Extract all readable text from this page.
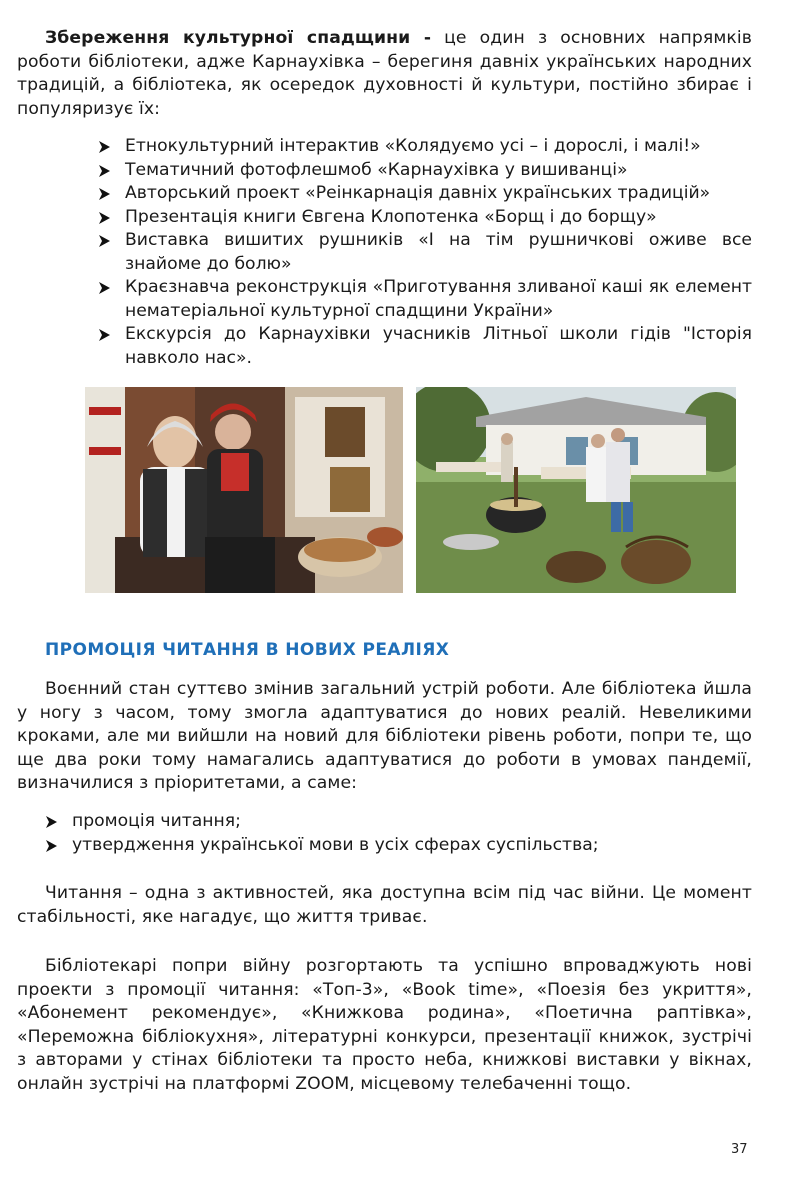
Збереження культурної спадщини - це один з основних напрямків роботи бібліотеки, адже Карнаухівка – берегиня давніх українських народних традицій, а бібліотека, як осередок духовності й культури, постійно збирає і популяризує їх:

Етнокультурний інтерактив «Колядуємо усі – і дорослі, і малі!»
Тематичний фотофлешмоб «Карнаухівка у вишиванці»
Авторський проект «Реінкарнація давніх українських традицій»
Презентація книги Євгена Клопотенка «Борщ і до борщу»
Виставка вишитих рушників «І на тім рушничкові оживе все знайоме до болю»
Краєзнавча реконструкція «Приготування зливаної каші як елемент нематеріальної культурної спадщини України»
Екскурсія до Карнаухівки учасників Літньої школи гідів "Історія навколо нас».
ПРОМОЦІЯ ЧИТАННЯ В НОВИХ РЕАЛІЯХ

Воєнний стан суттєво змінив загальний устрій роботи. Але бібліотека йшла у ногу з часом, тому змогла адаптуватися до нових реалій. Невеликими кроками, але ми вийшли на новий для бібліотеки рівень роботи, попри те, що ще два роки тому намагались адаптуватися до роботи в умовах пандемії, визначилися з пріоритетами, а саме:

промоція читання;
утвердження української мови в усіх сферах суспільства;

Читання – одна з активностей, яка доступна всім під час війни. Це момент стабільності, яке нагадує, що життя триває.

Бібліотекарі попри війну розгортають та успішно впроваджують нові проекти з промоції читання: «Топ-3», «Book time», «Поезія без укриття», «Абонемент рекомендує», «Книжкова родина», «Поетична раптівка», «Переможна бібліокухня», літературні конкурси, презентації книжок, зустрічі з авторами у стінах бібліотеки та просто неба, книжкові виставки у вікнах, онлайн зустрічі на платформі ZOOM, місцевому телебаченні тощо.

37
